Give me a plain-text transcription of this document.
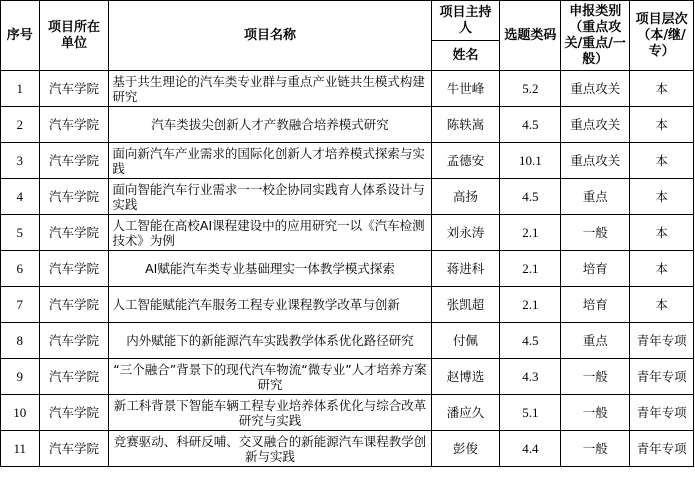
序号	项目所在单位	项目名称	项目主持人	选题类码	申报类别（重点攻关/重点/一般）	项目层次（本/继/专）
			姓名			
1	汽车学院	基于共生理论的汽车类专业群与重点产业链共生模式构建研究	牛世峰	5.2	重点攻关	本
2	汽车学院	汽车类拔尖创新人才产教融合培养模式研究	陈轶嵩	4.5	重点攻关	本
3	汽车学院	面向新汽车产业需求的国际化创新人才培养模式探索与实践	孟德安	10.1	重点攻关	本
4	汽车学院	面向智能汽车行业需求一一校企协同实践育人体系设计与实践	高扬	4.5	重点	本
5	汽车学院	人工智能在高校AI课程建设中的应用研究一以《汽车检测技术》为例	刘永涛	2.1	一般	本
6	汽车学院	AI赋能汽车类专业基础理实一体教学模式探索	蒋进科	2.1	培育	本
7	汽车学院	人工智能赋能汽车服务工程专业课程教学改革与创新	张凯超	2.1	培育	本
8	汽车学院	内外赋能下的新能源汽车实践教学体系优化路径研究	付佩	4.5	重点	青年专项
9	汽车学院	“三个融合”背景下的现代汽车物流“微专业”人才培养方案研究	赵博选	4.3	一般	青年专项
10	汽车学院	新工科背景下智能车辆工程专业培养体系优化与综合改革研究与实践	潘应久	5.1	一般	青年专项
11	汽车学院	竞赛驱动、科研反哺、交叉融合的新能源汽车课程教学创新与实践	彭俊	4.4	一般	青年专项
